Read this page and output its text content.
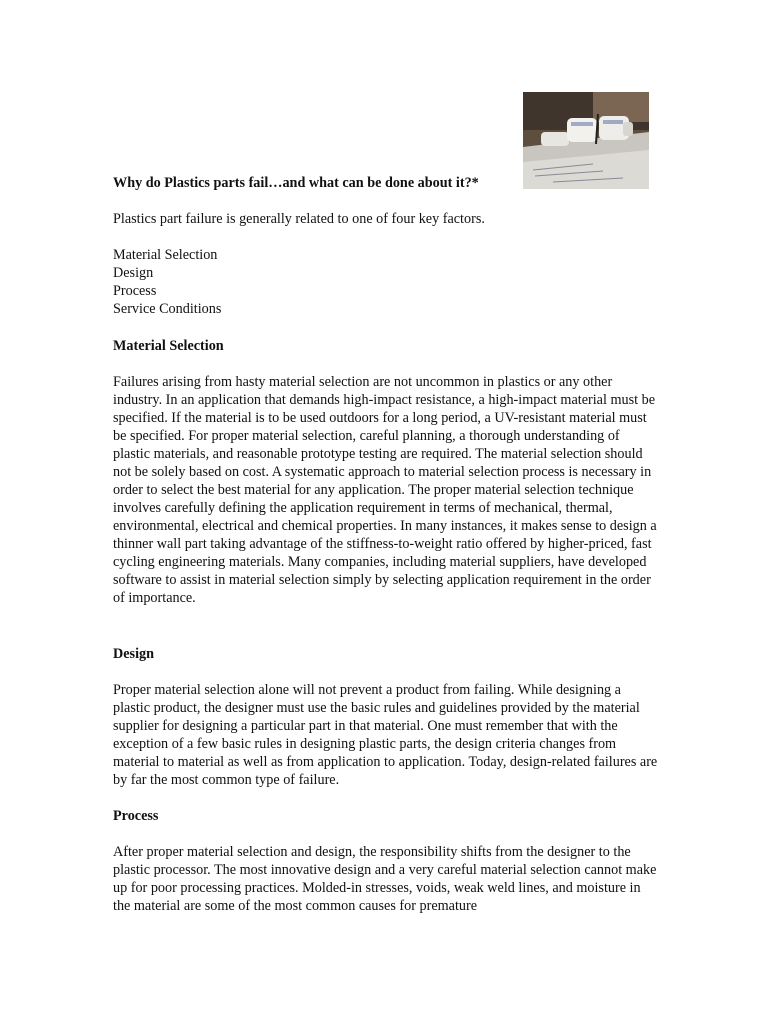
Why do Plastics parts fail…and what can be done about it?*

Plastics part failure is generally related to one of four key factors.

Material Selection
Design
Process
Service Conditions
Material Selection

Failures arising from hasty material selection are not uncommon in plastics or any other industry. In an application that demands high-impact resistance, a high-impact material must be specified. If the material is to be used outdoors for a long period, a UV-resistant material must be specified. For proper material selection, careful planning, a thorough understanding of plastic materials, and reasonable prototype testing are required. The material selection should not be solely based on cost. A systematic approach to material selection process is necessary in order to select the best material for any application. The proper material selection technique involves carefully defining the application requirement in terms of mechanical, thermal, environmental, electrical and chemical properties. In many instances, it makes sense to design a thinner wall part taking advantage of the stiffness-to-weight ratio offered by higher-priced, fast cycling engineering materials. Many companies, including material suppliers, have developed software to assist in material selection simply by selecting application requirement in the order of importance.

Design

Proper material selection alone will not prevent a product from failing. While designing a plastic product, the designer must use the basic rules and guidelines provided by the material supplier for designing a particular part in that material. One must remember that with the exception of a few basic rules in designing plastic parts, the design criteria changes from material to material as well as from application to application. Today, design-related failures are by far the most common type of failure.

Process

After proper material selection and design, the responsibility shifts from the designer to the plastic processor. The most innovative design and a very careful material selection cannot make up for poor processing practices. Molded-in stresses, voids, weak weld lines, and moisture in the material are some of the most common causes for premature
